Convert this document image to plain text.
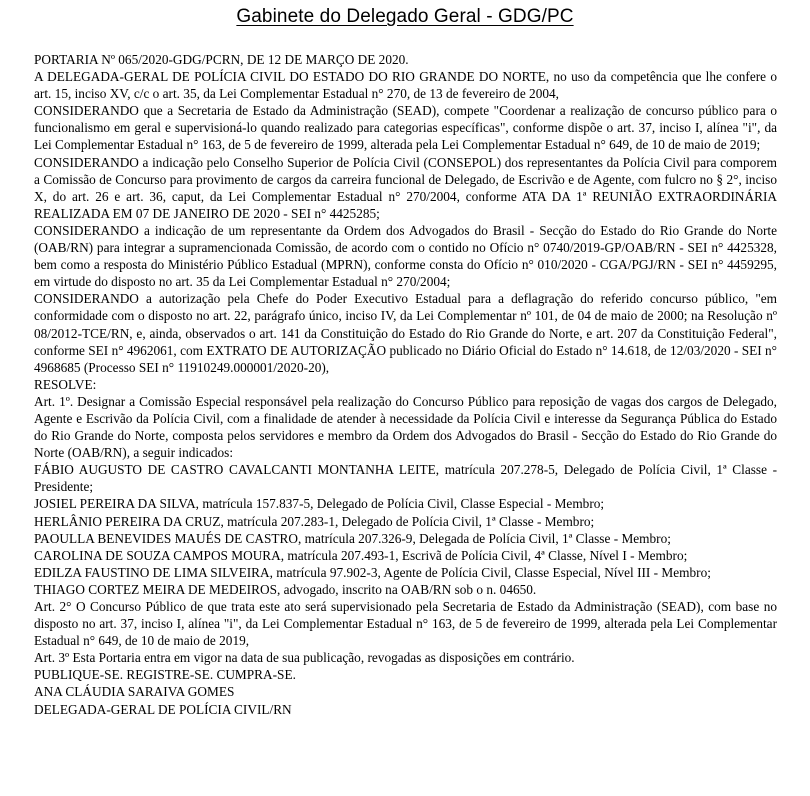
Gabinete do Delegado Geral - GDG/PC

PORTARIA Nº 065/2020-GDG/PCRN, DE 12 DE MARÇO DE 2020.

A DELEGADA-GERAL DE POLÍCIA CIVIL DO ESTADO DO RIO GRANDE DO NORTE, no uso da competência que lhe confere o art. 15, inciso XV, c/c o art. 35, da Lei Complementar Estadual n° 270, de 13 de fevereiro de 2004,

CONSIDERANDO que a Secretaria de Estado da Administração (SEAD), compete "Coordenar a realização de concurso público para o funcionalismo em geral e supervisioná-lo quando realizado para categorias específicas", conforme dispõe o art. 37, inciso I, alínea "i", da Lei Complementar Estadual n° 163, de 5 de fevereiro de 1999, alterada pela Lei Complementar Estadual n° 649, de 10 de maio de 2019;

CONSIDERANDO a indicação pelo Conselho Superior de Polícia Civil (CONSEPOL) dos representantes da Polícia Civil para comporem a Comissão de Concurso para provimento de cargos da carreira funcional de Delegado, de Escrivão e de Agente, com fulcro no § 2°, inciso X, do art. 26 e art. 36, caput, da Lei Complementar Estadual n° 270/2004, conforme ATA DA 1ª REUNIÃO EXTRAORDINÁRIA REALIZADA EM 07 DE JANEIRO DE 2020 - SEI n° 4425285;

CONSIDERANDO a indicação de um representante da Ordem dos Advogados do Brasil - Secção do Estado do Rio Grande do Norte (OAB/RN) para integrar a supramencionada Comissão, de acordo com o contido no Ofício n° 0740/2019-GP/OAB/RN - SEI n° 4425328, bem como a resposta do Ministério Público Estadual (MPRN), conforme consta do Ofício n° 010/2020 - CGA/PGJ/RN - SEI n° 4459295, em virtude do disposto no art. 35 da Lei Complementar Estadual n° 270/2004;

CONSIDERANDO a autorização pela Chefe do Poder Executivo Estadual para a deflagração do referido concurso público, "em conformidade com o disposto no art. 22, parágrafo único, inciso IV, da Lei Complementar nº 101, de 04 de maio de 2000; na Resolução nº 08/2012-TCE/RN, e, ainda, observados o art. 141 da Constituição do Estado do Rio Grande do Norte, e art. 207 da Constituição Federal", conforme SEI n° 4962061, com EXTRATO DE AUTORIZAÇÃO publicado no Diário Oficial do Estado n° 14.618, de 12/03/2020 - SEI n° 4968685 (Processo SEI n° 11910249.000001/2020-20),

RESOLVE:

Art. 1º. Designar a Comissão Especial responsável pela realização do Concurso Público para reposição de vagas dos cargos de Delegado, Agente e Escrivão da Polícia Civil, com a finalidade de atender à necessidade da Polícia Civil e interesse da Segurança Pública do Estado do Rio Grande do Norte, composta pelos servidores e membro da Ordem dos Advogados do Brasil - Secção do Estado do Rio Grande do Norte (OAB/RN), a seguir indicados:

FÁBIO AUGUSTO DE CASTRO CAVALCANTI MONTANHA LEITE, matrícula 207.278-5, Delegado de Polícia Civil, 1ª Classe - Presidente;

JOSIEL PEREIRA DA SILVA, matrícula 157.837-5, Delegado de Polícia Civil, Classe Especial - Membro;

HERLÂNIO PEREIRA DA CRUZ, matrícula 207.283-1, Delegado de Polícia Civil, 1ª Classe - Membro;

PAOULLA BENEVIDES MAUÉS DE CASTRO, matrícula 207.326-9, Delegada de Polícia Civil, 1ª Classe - Membro;

CAROLINA DE SOUZA CAMPOS MOURA, matrícula 207.493-1, Escrivã de Polícia Civil, 4ª Classe, Nível I - Membro;

EDILZA FAUSTINO DE LIMA SILVEIRA, matrícula 97.902-3, Agente de Polícia Civil, Classe Especial, Nível III - Membro;

THIAGO CORTEZ MEIRA DE MEDEIROS, advogado, inscrito na OAB/RN sob o n. 04650.

Art. 2° O Concurso Público de que trata este ato será supervisionado pela Secretaria de Estado da Administração (SEAD), com base no disposto no art. 37, inciso I, alínea "i", da Lei Complementar Estadual n° 163, de 5 de fevereiro de 1999, alterada pela Lei Complementar Estadual n° 649, de 10 de maio de 2019,

Art. 3º Esta Portaria entra em vigor na data de sua publicação, revogadas as disposições em contrário.

PUBLIQUE-SE. REGISTRE-SE. CUMPRA-SE.

ANA CLÁUDIA SARAIVA GOMES

DELEGADA-GERAL DE POLÍCIA CIVIL/RN
